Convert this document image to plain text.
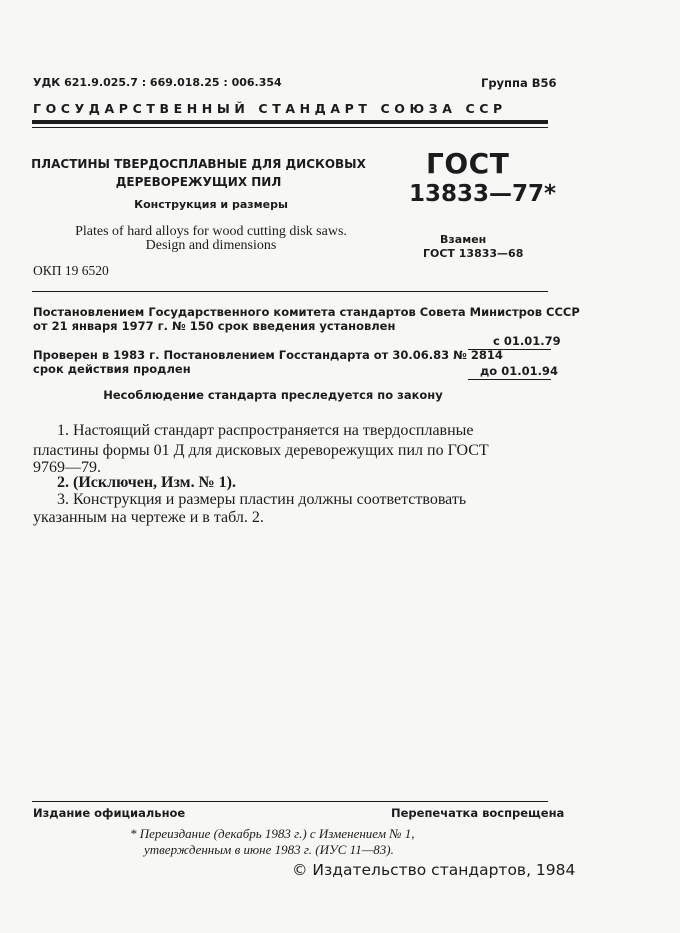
УДК 621.9.025.7 : 669.018.25 : 006.354	Группа В56
ГОСУДАРСТВЕННЫЙ СТАНДАРТ СОЮЗА ССР
ПЛАСТИНЫ ТВЕРДОСПЛАВНЫЕ ДЛЯ ДИСКОВЫХ
ДЕРЕВОРЕЖУЩИХ ПИЛ
Конструкция и размеры
Plates of hard alloys for wood cutting disk saws.
Design and dimensions
ОКП 19 6520
ГОСТ
13833—77*
Взамен
ГОСТ 13833—68
Постановлением Государственного комитета стандартов Совета Министров СССР
от 21 января 1977 г. № 150 срок введения установлен
с 01.01.79
Проверен в 1983 г. Постановлением Госстандарта от 30.06.83 № 2814
срок действия продлен	до 01.01.94
Несоблюдение стандарта преследуется по закону
1. Настоящий стандарт распространяется на твердосплавные
пластины формы 01 Д для дисковых дереворежущих пил по ГОСТ
9769—79.
2. (Исключен, Изм. № 1).
3. Конструкция и размеры пластин должны соответствовать
указанным на чертеже и в табл. 2.
Издание официальное	Перепечатка воспрещена
* Переиздание (декабрь 1983 г.) с Изменением № 1,
утвержденным в июне 1983 г. (ИУС 11—83).
© Издательство стандартов, 1984
